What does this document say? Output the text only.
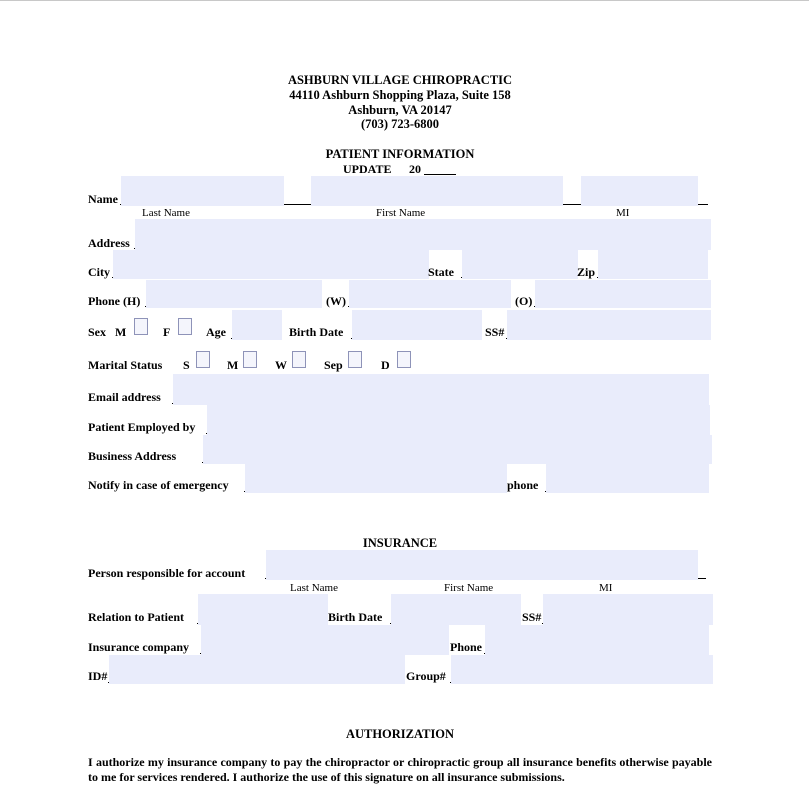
ASHBURN VILLAGE CHIROPRACTIC
44110 Ashburn Shopping Plaza, Suite 158
Ashburn, VA 20147
(703) 723-6800
PATIENT INFORMATION
UPDATE 20
Name
Last Name	First Name	MI
Address
City	State	Zip
Phone (H)	(W)	(O)
Sex M	F	Age	Birth Date	SS#
Marital Status S	M	W	Sep	D
Email address
Patient Employed by
Business Address
Notify in case of emergency	phone
INSURANCE
Person responsible for account
Last Name	First Name	MI
Relation to Patient	Birth Date	SS#
Insurance company	Phone
ID#	Group#
AUTHORIZATION
I authorize my insurance company to pay the chiropractor or chiropractic group all insurance benefits otherwise payable to me for services rendered. I authorize the use of this signature on all insurance submissions.
